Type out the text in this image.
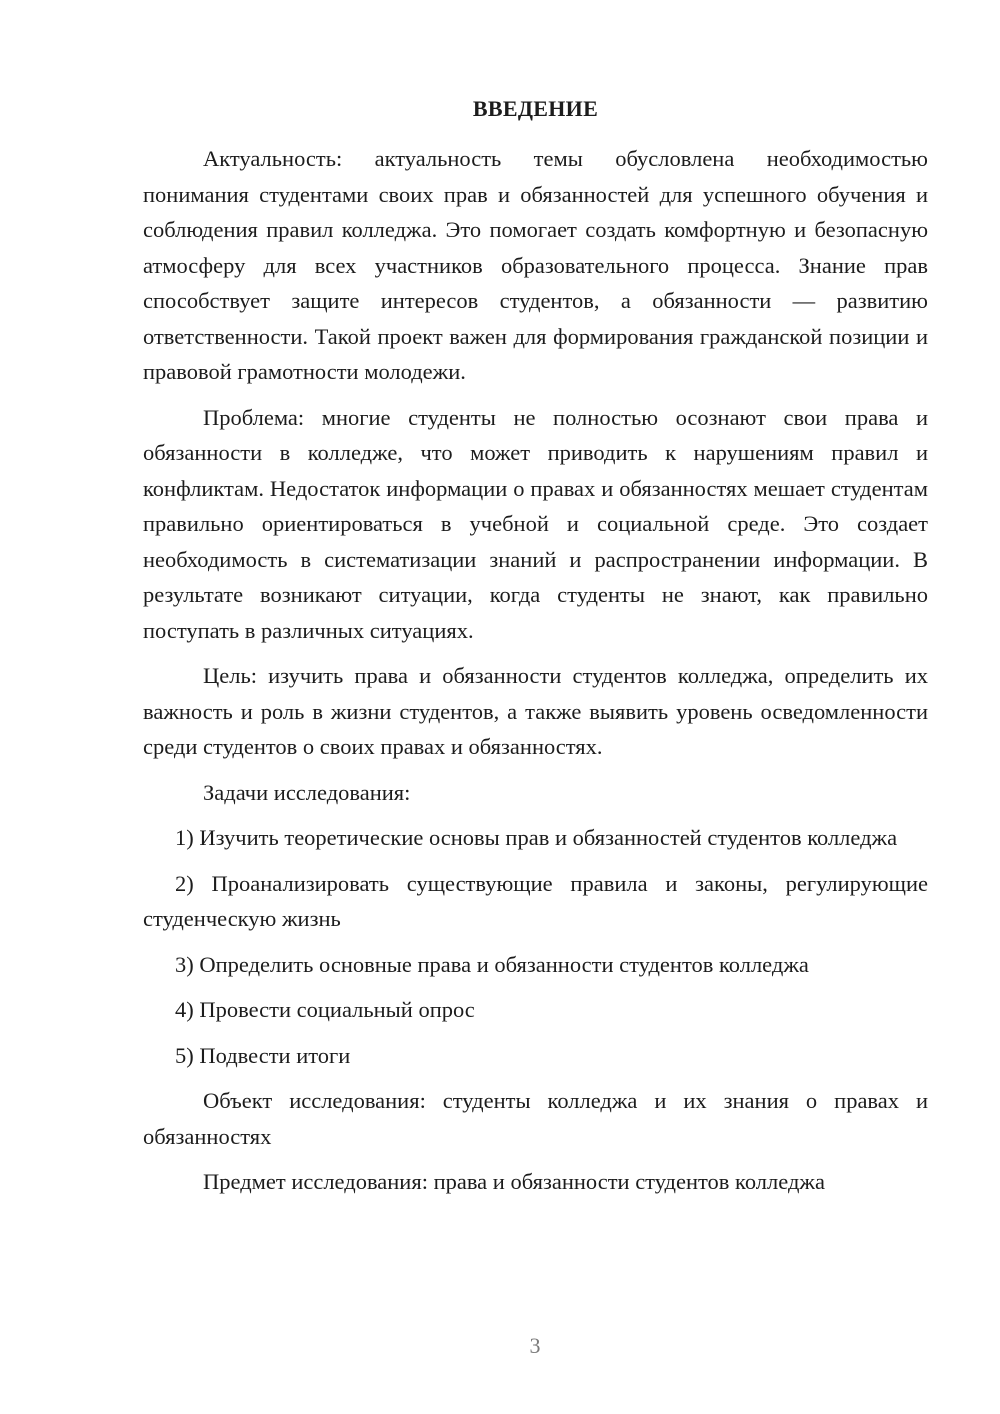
ВВЕДЕНИЕ

Актуальность: актуальность темы обусловлена необходимостью понимания студентами своих прав и обязанностей для успешного обучения и соблюдения правил колледжа. Это помогает создать комфортную и безопасную атмосферу для всех участников образовательного процесса. Знание прав способствует защите интересов студентов, а обязанности — развитию ответственности. Такой проект важен для формирования гражданской позиции и правовой грамотности молодежи.

Проблема: многие студенты не полностью осознают свои права и обязанности в колледже, что может приводить к нарушениям правил и конфликтам. Недостаток информации о правах и обязанностях мешает студентам правильно ориентироваться в учебной и социальной среде. Это создает необходимость в систематизации знаний и распространении информации. В результате возникают ситуации, когда студенты не знают, как правильно поступать в различных ситуациях.

Цель: изучить права и обязанности студентов колледжа, определить их важность и роль в жизни студентов, а также выявить уровень осведомленности среди студентов о своих правах и обязанностях.

Задачи исследования:

1) Изучить теоретические основы прав и обязанностей студентов колледжа

2) Проанализировать существующие правила и законы, регулирующие студенческую жизнь

3) Определить основные права и обязанности студентов колледжа

4) Провести социальный опрос

5) Подвести итоги

Объект исследования: студенты колледжа и их знания о правах и обязанностях

Предмет исследования: права и обязанности студентов колледжа

3
